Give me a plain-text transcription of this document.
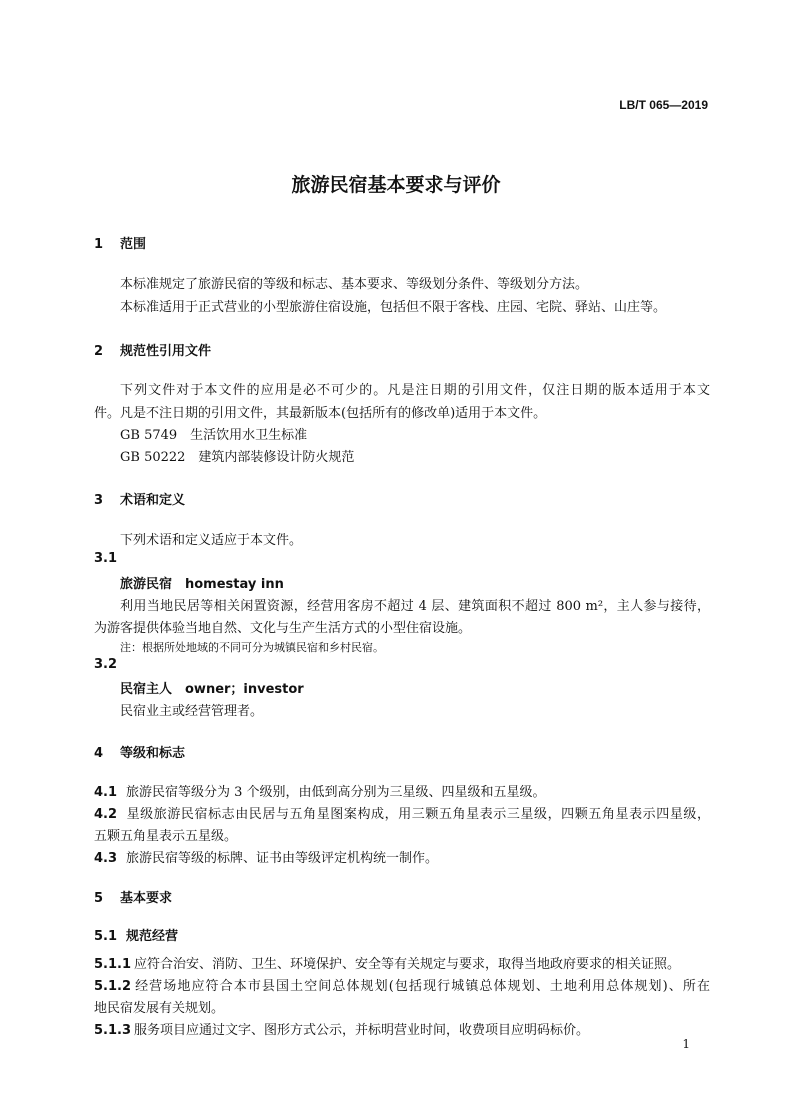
LB/T 065—2019
旅游民宿基本要求与评价
1 范围
本标准规定了旅游民宿的等级和标志、基本要求、等级划分条件、等级划分方法。
本标准适用于正式营业的小型旅游住宿设施，包括但不限于客栈、庄园、宅院、驿站、山庄等。
2 规范性引用文件
下列文件对于本文件的应用是必不可少的。凡是注日期的引用文件，仅注日期的版本适用于本文
件。凡是不注日期的引用文件，其最新版本(包括所有的修改单)适用于本文件。
GB 5749　生活饮用水卫生标准
GB 50222　建筑内部装修设计防火规范
3 术语和定义
下列术语和定义适应于本文件。
3.1
旅游民宿　homestay inn
利用当地民居等相关闲置资源，经营用客房不超过 4 层、建筑面积不超过 800 m²，主人参与接待，
为游客提供体验当地自然、文化与生产生活方式的小型住宿设施。
注：根据所处地域的不同可分为城镇民宿和乡村民宿。
3.2
民宿主人　owner；investor
民宿业主或经营管理者。
4 等级和标志
4.1 旅游民宿等级分为 3 个级别，由低到高分别为三星级、四星级和五星级。
4.2 星级旅游民宿标志由民居与五角星图案构成，用三颗五角星表示三星级，四颗五角星表示四星级，
五颗五角星表示五星级。
4.3 旅游民宿等级的标牌、证书由等级评定机构统一制作。
5 基本要求
5.1 规范经营
5.1.1 应符合治安、消防、卫生、环境保护、安全等有关规定与要求，取得当地政府要求的相关证照。
5.1.2 经营场地应符合本市县国土空间总体规划(包括现行城镇总体规划、土地利用总体规划)、所在
地民宿发展有关规划。
5.1.3 服务项目应通过文字、图形方式公示，并标明营业时间，收费项目应明码标价。
1
